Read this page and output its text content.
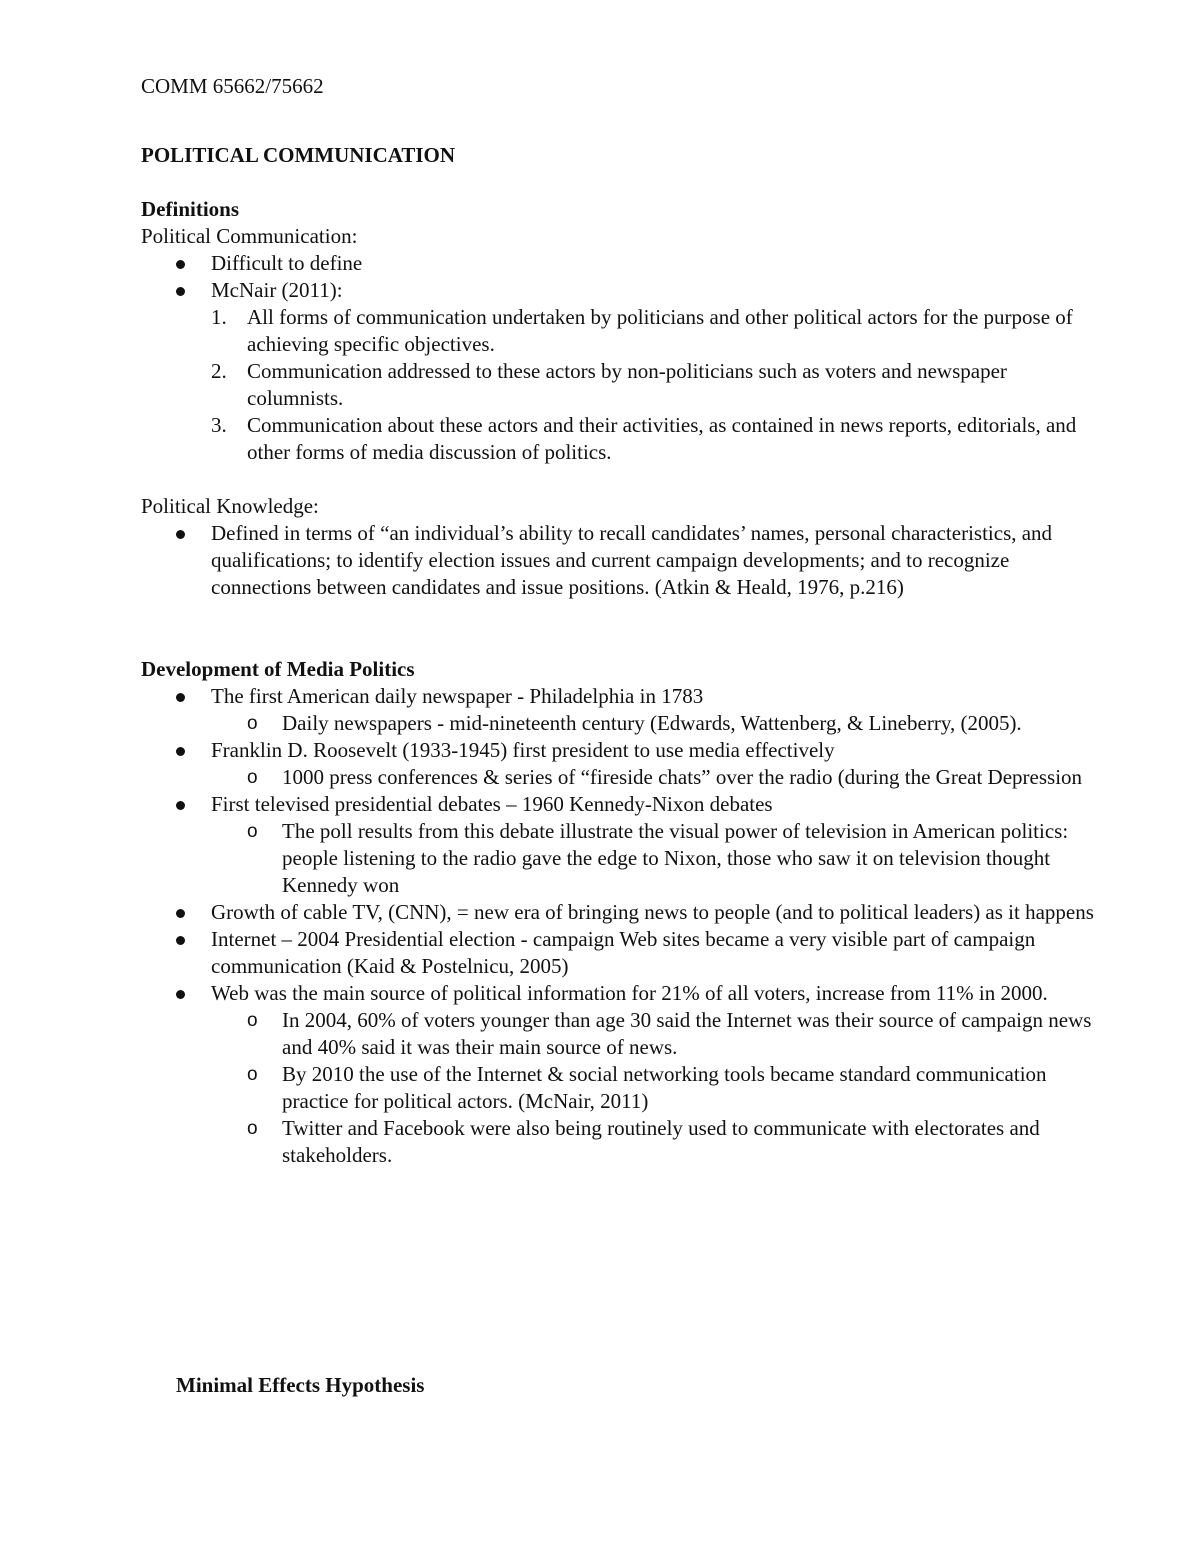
COMM 65662/75662
POLITICAL COMMUNICATION

Definitions

Political Communication:

Difficult to define
McNair (2011):
1. All forms of communication undertaken by politicians and other political actors for the purpose of achieving specific objectives.
2. Communication addressed to these actors by non-politicians such as voters and newspaper columnists.
3. Communication about these actors and their activities, as contained in news reports, editorials, and other forms of media discussion of politics.

Political Knowledge:

Defined in terms of “an individual’s ability to recall candidates’ names, personal characteristics, and qualifications; to identify election issues and current campaign developments; and to recognize connections between candidates and issue positions. (Atkin & Heald, 1976, p.216)

Development of Media Politics

The first American daily newspaper - Philadelphia in 1783
o Daily newspapers - mid-nineteenth century (Edwards, Wattenberg, & Lineberry, (2005).
Franklin D. Roosevelt (1933-1945) first president to use media effectively
o 1000 press conferences & series of “fireside chats” over the radio (during the Great Depression
First televised presidential debates – 1960 Kennedy-Nixon debates
o The poll results from this debate illustrate the visual power of television in American politics: people listening to the radio gave the edge to Nixon, those who saw it on television thought Kennedy won
Growth of cable TV, (CNN), = new era of bringing news to people (and to political leaders) as it happens
Internet – 2004 Presidential election - campaign Web sites became a very visible part of campaign communication (Kaid & Postelnicu, 2005)
Web was the main source of political information for 21% of all voters, increase from 11% in 2000.
o In 2004, 60% of voters younger than age 30 said the Internet was their source of campaign news and 40% said it was their main source of news.
o By 2010 the use of the Internet & social networking tools became standard communication practice for political actors. (McNair, 2011)
o Twitter and Facebook were also being routinely used to communicate with electorates and stakeholders.
Minimal Effects Hypothesis
